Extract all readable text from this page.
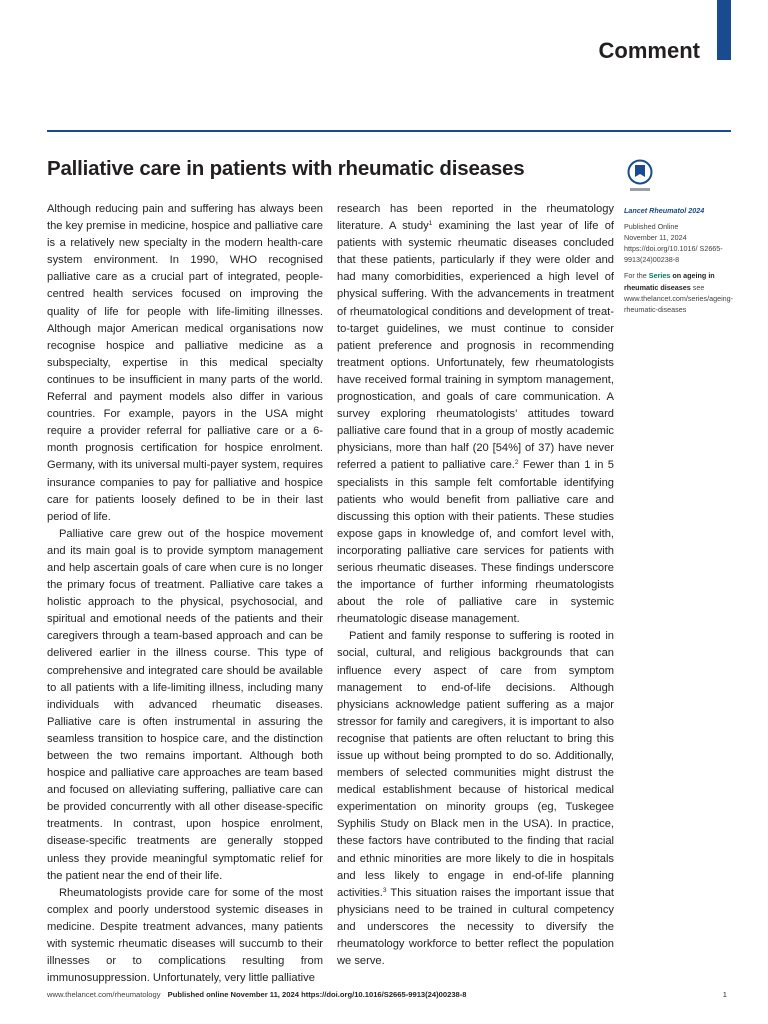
Comment
Palliative care in patients with rheumatic diseases

Although reducing pain and suffering has always been the key premise in medicine, hospice and palliative care is a relatively new specialty in the modern health-care system environment. In 1990, WHO recognised palliative care as a crucial part of integrated, people-centred health services focused on improving the quality of life for people with life-limiting illnesses. Although major American medical organisations now recognise hospice and palliative medicine as a subspecialty, expertise in this medical specialty continues to be insufficient in many parts of the world. Referral and payment models also differ in various countries. For example, payors in the USA might require a provider referral for palliative care or a 6-month prognosis certification for hospice enrolment. Germany, with its universal multi-payer system, requires insurance companies to pay for palliative and hospice care for patients loosely defined to be in their last period of life.

Palliative care grew out of the hospice movement and its main goal is to provide symptom management and help ascertain goals of care when cure is no longer the primary focus of treatment. Palliative care takes a holistic approach to the physical, psychosocial, and spiritual and emotional needs of the patients and their caregivers through a team-based approach and can be delivered earlier in the illness course. This type of comprehensive and integrated care should be available to all patients with a life-limiting illness, including many individuals with advanced rheumatic diseases. Palliative care is often instrumental in assuring the seamless transition to hospice care, and the distinction between the two remains important. Although both hospice and palliative care approaches are team based and focused on alleviating suffering, palliative care can be provided concurrently with all other disease-specific treatments. In contrast, upon hospice enrolment, disease-specific treatments are generally stopped unless they provide meaningful symptomatic relief for the patient near the end of their life.

Rheumatologists provide care for some of the most complex and poorly understood systemic diseases in medicine. Despite treatment advances, many patients with systemic rheumatic diseases will succumb to their illnesses or to complications resulting from immunosuppression. Unfortunately, very little palliative

research has been reported in the rheumatology literature. A study$^1$ examining the last year of life of patients with systemic rheumatic diseases concluded that these patients, particularly if they were older and had many comorbidities, experienced a high level of physical suffering. With the advancements in treatment of rheumatological conditions and development of treat-to-target guidelines, we must continue to consider patient preference and prognosis in recommending treatment options. Unfortunately, few rheumatologists have received formal training in symptom management, prognostication, and goals of care communication. A survey exploring rheumatologists’ attitudes toward palliative care found that in a group of mostly academic physicians, more than half (20 [54%] of 37) have never referred a patient to palliative care.$^2$ Fewer than 1 in 5 specialists in this sample felt comfortable identifying patients who would benefit from palliative care and discussing this option with their patients. These studies expose gaps in knowledge of, and comfort level with, incorporating palliative care services for patients with serious rheumatic diseases. These findings underscore the importance of further informing rheumatologists about the role of palliative care in systemic rheumatologic disease management.

Patient and family response to suffering is rooted in social, cultural, and religious backgrounds that can influence every aspect of care from symptom management to end-of-life decisions. Although physicians acknowledge patient suffering as a major stressor for family and caregivers, it is important to also recognise that patients are often reluctant to bring this issue up without being prompted to do so. Additionally, members of selected communities might distrust the medical establishment because of historical medical experimentation on minority groups (eg, Tuskegee Syphilis Study on Black men in the USA). In practice, these factors have contributed to the finding that racial and ethnic minorities are more likely to die in hospitals and less likely to engage in end-of-life planning activities.$^3$ This situation raises the important issue that physicians need to be trained in cultural competency and underscores the necessity to diversify the rheumatology workforce to better reflect the population we serve.

Lancet Rheumatol 2024
Published Online
November 11, 2024
https://doi.org/10.1016/ S2665-9913(24)00238-8
For the Series on ageing in rheumatic diseases see www.thelancet.com/series/ageing-rheumatic-diseases
www.thelancet.com/rheumatology Published online November 11, 2024 https://doi.org/10.1016/S2665-9913(24)00238-8	1
